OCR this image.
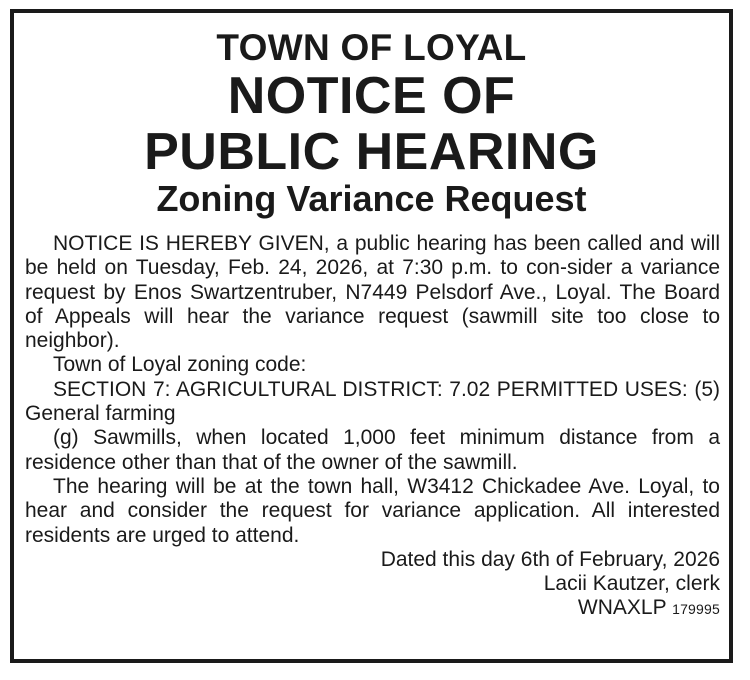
TOWN OF LOYAL
NOTICE OF
PUBLIC HEARING
Zoning Variance Request

NOTICE IS HEREBY GIVEN, a public hearing has been called and will be held on Tuesday, Feb. 24, 2026, at 7:30 p.m. to con-sider a variance request by Enos Swartzentruber, N7449 Pelsdorf Ave., Loyal. The Board of Appeals will hear the variance request (sawmill site too close to neighbor).

Town of Loyal zoning code:

SECTION 7: AGRICULTURAL DISTRICT: 7.02 PERMITTED USES: (5) General farming

(g) Sawmills, when located 1,000 feet minimum distance from a residence other than that of the owner of the sawmill.

The hearing will be at the town hall, W3412 Chickadee Ave. Loyal, to hear and consider the request for variance application. All interested residents are urged to attend.

Dated this day 6th of February, 2026
Lacii Kautzer, clerk
WNAXLP 179995
